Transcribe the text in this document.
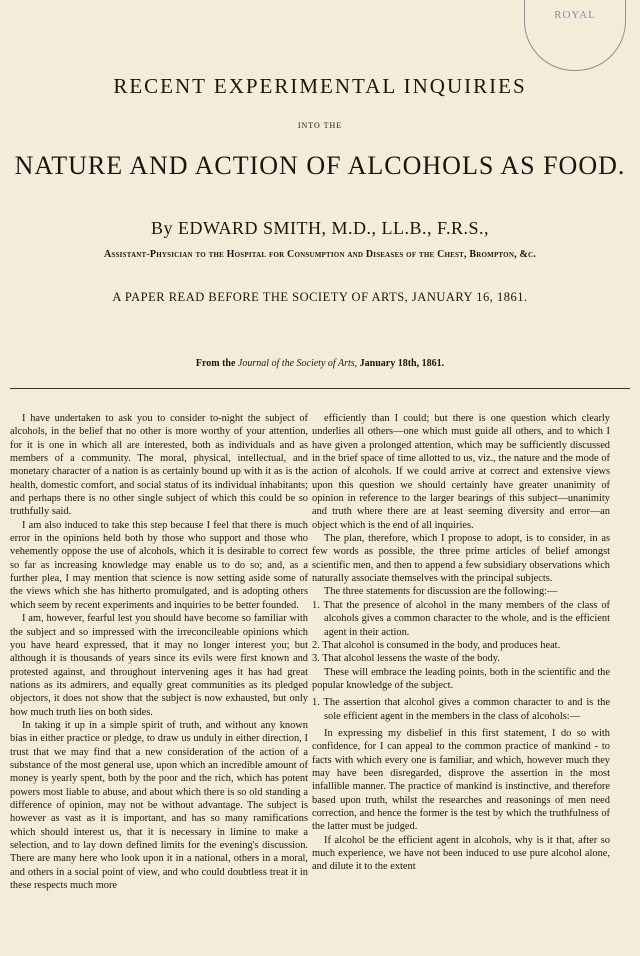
ROYAL
RECENT EXPERIMENTAL INQUIRIES
INTO THE
NATURE AND ACTION OF ALCOHOLS AS FOOD.
By EDWARD SMITH, M.D., LL.B., F.R.S.,
Assistant-Physician to the Hospital for Consumption and Diseases of the Chest, Brompton, &c.
A PAPER READ BEFORE THE SOCIETY OF ARTS, JANUARY 16, 1861.
From the Journal of the Society of Arts, January 18th, 1861.

I have undertaken to ask you to consider to-night the subject of alcohols, in the belief that no other is more worthy of your attention, for it is one in which all are interested, both as individuals and as members of a community. The moral, physical, intellectual, and monetary character of a nation is as certainly bound up with it as is the health, domestic comfort, and social status of its individual inhabitants; and perhaps there is no other single subject of which this could be so truthfully said.

I am also induced to take this step because I feel that there is much error in the opinions held both by those who support and those who vehemently oppose the use of alcohols, which it is desirable to correct so far as increasing knowledge may enable us to do so; and, as a further plea, I may mention that science is now setting aside some of the views which she has hitherto promulgated, and is adopting others which seem by recent experiments and inquiries to be better founded.

I am, however, fearful lest you should have become so familiar with the subject and so impressed with the irreconcileable opinions which you have heard expressed, that it may no longer interest you; but although it is thousands of years since its evils were first known and protested against, and throughout intervening ages it has had great nations as its admirers, and equally great communities as its pledged objectors, it does not show that the subject is now exhausted, but only how much truth lies on both sides.

In taking it up in a simple spirit of truth, and without any known bias in either practice or pledge, to draw us unduly in either direction, I trust that we may find that a new consideration of the action of a substance of the most general use, upon which an incredible amount of money is yearly spent, both by the poor and the rich, which has potent powers most liable to abuse, and about which there is so old standing a difference of opinion, may not be without advantage. The subject is however as vast as it is important, and has so many ramifications which should interest us, that it is necessary in limine to make a selection, and to lay down defined limits for the evening's discussion. There are many here who look upon it in a national, others in a moral, and others in a social point of view, and who could doubtless treat it in these respects much more

efficiently than I could; but there is one question which clearly underlies all others—one which must guide all others, and to which I have given a prolonged attention, which may be sufficiently discussed in the brief space of time allotted to us, viz., the nature and the mode of action of alcohols. If we could arrive at correct and extensive views upon this question we should certainly have greater unanimity of opinion in reference to the larger bearings of this subject—unanimity and truth where there are at least seeming diversity and error—an object which is the end of all inquiries.

The plan, therefore, which I propose to adopt, is to consider, in as few words as possible, the three prime articles of belief amongst scientific men, and then to append a few subsidiary observations which naturally associate themselves with the principal subjects.

The three statements for discussion are the following:—

1. That the presence of alcohol in the many members of the class of alcohols gives a common character to the whole, and is the efficient agent in their action.
2. That alcohol is consumed in the body, and produces heat.
3. That alcohol lessens the waste of the body.

These will embrace the leading points, both in the scientific and the popular knowledge of the subject.

1. The assertion that alcohol gives a common character to and is the sole efficient agent in the members in the class of alcohols:—

In expressing my disbelief in this first statement, I do so with confidence, for I can appeal to the common practice of mankind - to facts with which every one is familiar, and which, however much they may have been disregarded, disprove the assertion in the most infallible manner. The practice of mankind is instinctive, and therefore based upon truth, whilst the researches and reasonings of men need correction, and hence the former is the test by which the truthfulness of the latter must be judged.

If alcohol be the efficient agent in alcohols, why is it that, after so much experience, we have not been induced to use pure alcohol alone, and dilute it to the extent
